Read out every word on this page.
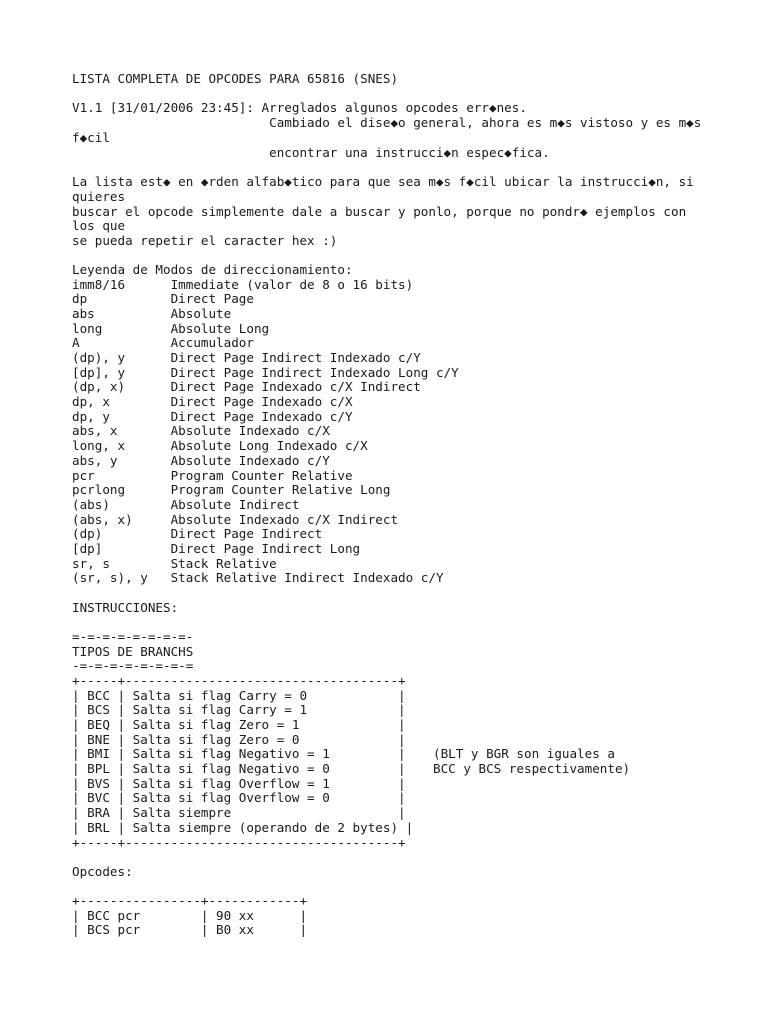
LISTA COMPLETA DE OPCODES PARA 65816 (SNES)
V1.1 [31/01/2006 23:45]: Arreglados algunos opcodes err◆nes.
Cambiado el dise◆o general, ahora es m◆s vistoso y es m◆s
f◆cil
encontrar una instrucci◆n espec◆fica.
La lista est◆ en ◆rden alfab◆tico para que sea m◆s f◆cil ubicar la instrucci◆n, si
quieres
buscar el opcode simplemente dale a buscar y ponlo, porque no pondr◆ ejemplos con
los que
se pueda repetir el caracter hex :)
Leyenda de Modos de direccionamiento:
imm8/16      Immediate (valor de 8 o 16 bits)
dp           Direct Page
abs          Absolute
long         Absolute Long
A            Accumulador
(dp), y      Direct Page Indirect Indexado c/Y
[dp], y      Direct Page Indirect Indexado Long c/Y
(dp, x)      Direct Page Indexado c/X Indirect
dp, x        Direct Page Indexado c/X
dp, y        Direct Page Indexado c/Y
abs, x       Absolute Indexado c/X
long, x      Absolute Long Indexado c/X
abs, y       Absolute Indexado c/Y
pcr          Program Counter Relative
pcrlong      Program Counter Relative Long
(abs)        Absolute Indirect
(abs, x)     Absolute Indexado c/X Indirect
(dp)         Direct Page Indirect
[dp]         Direct Page Indirect Long
sr, s        Stack Relative
(sr, s), y   Stack Relative Indirect Indexado c/Y
INSTRUCCIONES:
=-=-=-=-=-=-=-=-
TIPOS DE BRANCHS
-=-=-=-=-=-=-=-=
+-----+------------------------------------+
| BCC | Salta si flag Carry = 0            |
| BCS | Salta si flag Carry = 1            |
| BEQ | Salta si flag Zero = 1             |
| BNE | Salta si flag Zero = 0             |
| BMI | Salta si flag Negativo = 1         |
| BPL | Salta si flag Negativo = 0         |
| BVS | Salta si flag Overflow = 1         |
| BVC | Salta si flag Overflow = 0         |
| BRA | Salta siempre                      |
| BRL | Salta siempre (operando de 2 bytes) |
+-----+------------------------------------+
(BLT y BGR son iguales a
BCC y BCS respectivamente)
Opcodes:
+----------------+------------+
| BCC pcr        | 90 xx      |
| BCS pcr        | B0 xx      |
